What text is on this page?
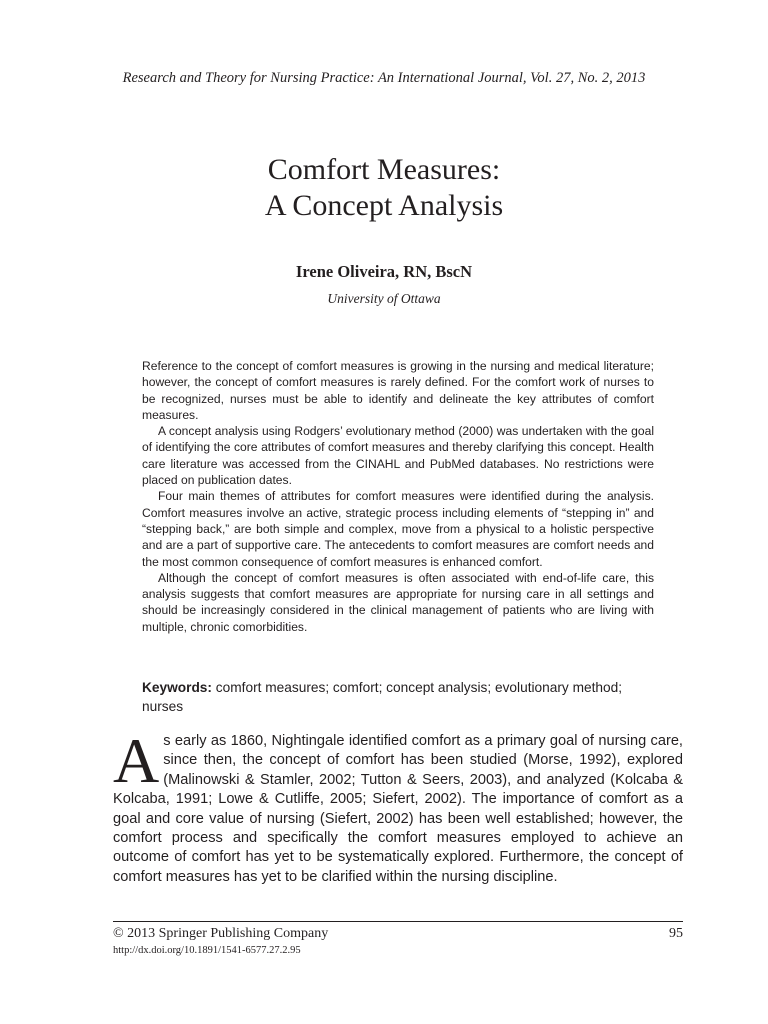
Research and Theory for Nursing Practice: An International Journal, Vol. 27, No. 2, 2013
Comfort Measures:
A Concept Analysis
Irene Oliveira, RN, BscN
University of Ottawa

Reference to the concept of comfort measures is growing in the nursing and medical literature; however, the concept of comfort measures is rarely defined. For the comfort work of nurses to be recognized, nurses must be able to identify and delineate the key attributes of comfort measures.

A concept analysis using Rodgers’ evolutionary method (2000) was undertaken with the goal of identifying the core attributes of comfort measures and thereby clarifying this concept. Health care literature was accessed from the CINAHL and PubMed databases. No restrictions were placed on publication dates.

Four main themes of attributes for comfort measures were identified during the analysis. Comfort measures involve an active, strategic process including elements of “stepping in” and “stepping back,” are both simple and complex, move from a physical to a holistic perspective and are a part of supportive care. The antecedents to comfort measures are comfort needs and the most common consequence of comfort measures is enhanced comfort.

Although the concept of comfort measures is often associated with end-of-life care, this analysis suggests that comfort measures are appropriate for nursing care in all settings and should be increasingly considered in the clinical management of patients who are living with multiple, chronic comorbidities.

Keywords: comfort measures; comfort; concept analysis; evolutionary method; nurses
As early as 1860, Nightingale identified comfort as a primary goal of nursing care, since then, the concept of comfort has been studied (Morse, 1992), explored (Malinowski & Stamler, 2002; Tutton & Seers, 2003), and analyzed (Kolcaba & Kolcaba, 1991; Lowe & Cutliffe, 2005; Siefert, 2002). The importance of comfort as a goal and core value of nursing (Siefert, 2002) has been well established; however, the comfort process and specifically the comfort measures employed to achieve an outcome of comfort has yet to be systematically explored. Furthermore, the concept of comfort measures has yet to be clarified within the nursing discipline.
© 2013 Springer Publishing Company	95
http://dx.doi.org/10.1891/1541-6577.27.2.95
